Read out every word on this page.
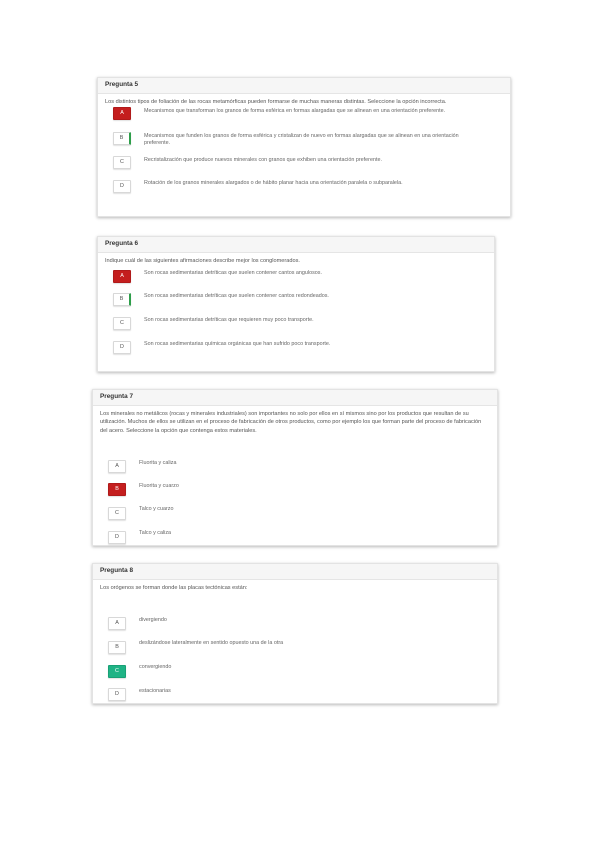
Pregunta 5
Los distintos tipos de foliación de las rocas metamórficas pueden formarse de muchas maneras distintas. Seleccione la opción incorrecta.
A	Mecanismos que transforman los granos de forma esférica en formas alargadas que se alinean en una orientación preferente.
B	Mecanismos que funden los granos de forma esférica y cristalizan de nuevo en formas alargadas que se alinean en una orientación preferente.
C	Recristalización que produce nuevos minerales con granos que exhiben una orientación preferente.
D	Rotación de los granos minerales alargados o de hábito planar hacia una orientación paralela o subparalela.
Pregunta 6
Indique cuál de las siguientes afirmaciones describe mejor los conglomerados.
A	Son rocas sedimentarias detríticas que suelen contener cantos angulosos.
B	Son rocas sedimentarias detríticas que suelen contener cantos redondeados.
C	Son rocas sedimentarias detríticas que requieren muy poco transporte.
D	Son rocas sedimentarias químicas orgánicas que han sufrido poco transporte.
Pregunta 7
Los minerales no metálicos (rocas y minerales industriales) son importantes no solo por ellos en sí mismos sino por los productos que resultan de su utilización. Muchos de ellos se utilizan en el proceso de fabricación de otros productos, como por ejemplo los que forman parte del proceso de fabricación del acero. Seleccione la opción que contenga estos materiales.
A	Fluorita y caliza
B	Fluorita y cuarzo
C
Talco y cuarzo
D
Talco y caliza
Pregunta 8
Los orógenos se forman donde las placas tectónicas están:
A	divergiendo
B
deslizándose lateralmente en sentido opuesto una de la otra
C
convergiendo
D	estacionarias
